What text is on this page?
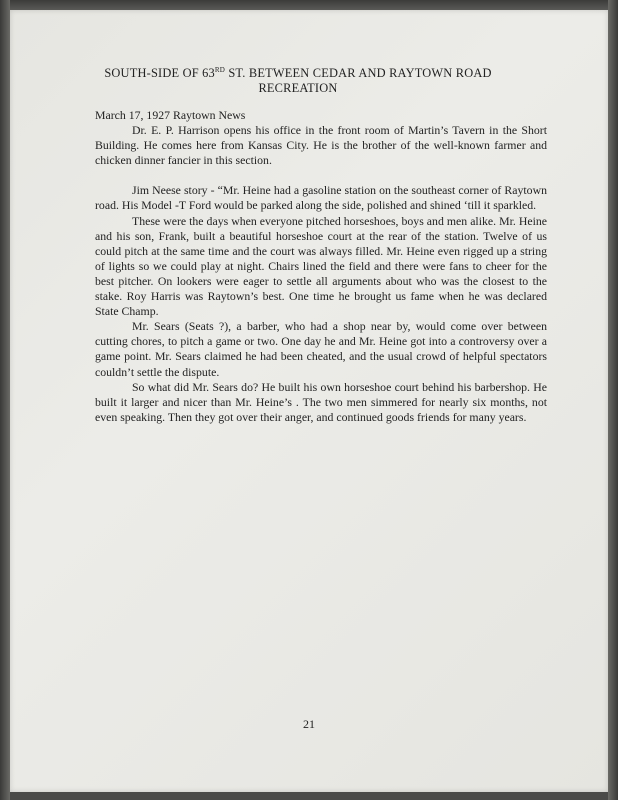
SOUTH-SIDE OF 63RD ST. BETWEEN CEDAR AND RAYTOWN ROAD
RECREATION

March 17, 1927 Raytown News

Dr. E. P. Harrison opens his office in the front room of Martin’s Tavern in the Short Building. He comes here from Kansas City. He is the brother of the well-known farmer and chicken dinner fancier in this section.

Jim Neese story - “Mr. Heine had a gasoline station on the southeast corner of Raytown road. His Model -T Ford would be parked along the side, polished and shined ‘till it sparkled.

These were the days when everyone pitched horseshoes, boys and men alike. Mr. Heine and his son, Frank, built a beautiful horseshoe court at the rear of the station. Twelve of us could pitch at the same time and the court was always filled. Mr. Heine even rigged up a string of lights so we could play at night. Chairs lined the field and there were fans to cheer for the best pitcher. On lookers were eager to settle all arguments about who was the closest to the stake. Roy Harris was Raytown’s best. One time he brought us fame when he was declared State Champ.

Mr. Sears (Seats ?), a barber, who had a shop near by, would come over between cutting chores, to pitch a game or two. One day he and Mr. Heine got into a controversy over a game point. Mr. Sears claimed he had been cheated, and the usual crowd of helpful spectators couldn’t settle the dispute.

So what did Mr. Sears do? He built his own horseshoe court behind his barbershop. He built it larger and nicer than Mr. Heine’s . The two men simmered for nearly six months, not even speaking. Then they got over their anger, and continued goods friends for many years.

21
